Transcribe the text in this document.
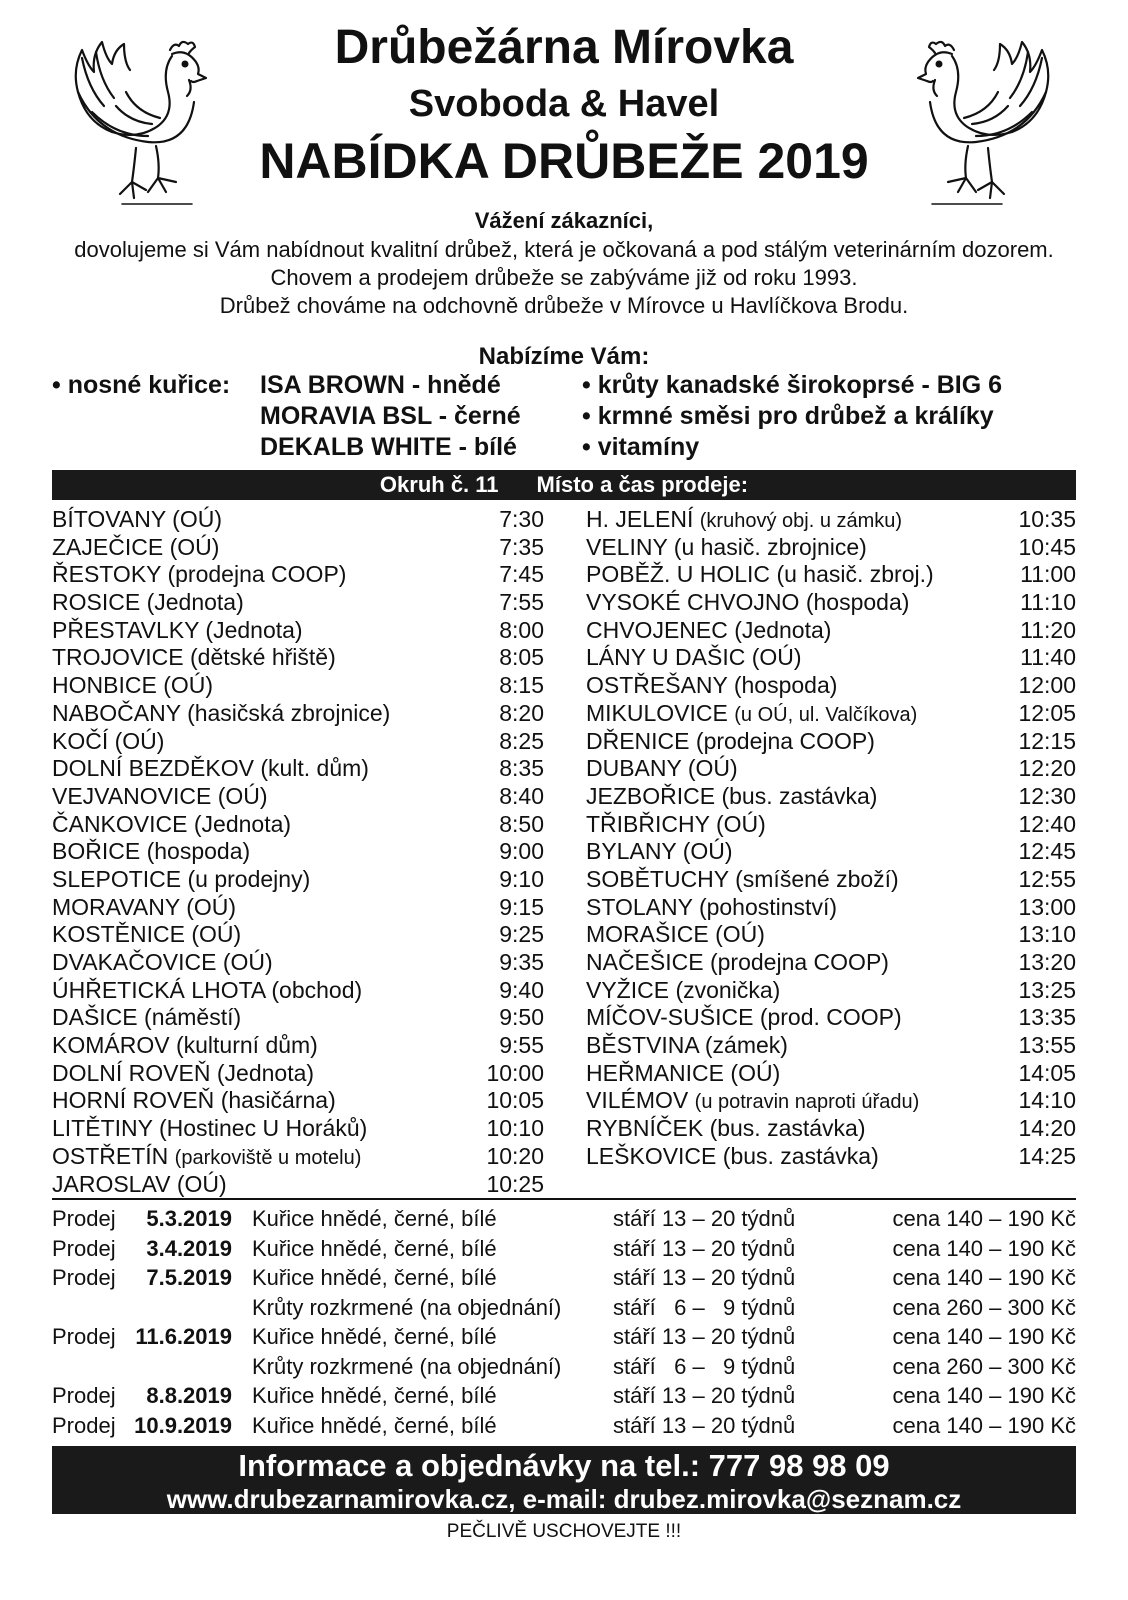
Drůbežárna Mírovka
Svoboda & Havel
NABÍDKA DRŮBEŽE 2019
Vážení zákazníci,
dovolujeme si Vám nabídnout kvalitní drůbež, která je očkovaná a pod stálým veterinárním dozorem.
Chovem a prodejem drůbeže se zabýváme již od roku 1993.
Drůbež chováme na odchovně drůbeže v Mírovce u Havlíčkova Brodu.
Nabízíme Vám:
• nosné kuřice:	ISA BROWN - hnědé
MORAVIA BSL - černé
DEKALB WHITE - bílé
• krůty kanadské širokoprsé - BIG 6
• krmné směsi pro drůbež a králíky
• vitamíny
Okruh č. 11 Místo a čas prodeje:
BÍTOVANY (OÚ)	7:30
ZAJEČICE (OÚ)	7:35
ŘESTOKY (prodejna COOP)	7:45
ROSICE (Jednota)	7:55
PŘESTAVLKY (Jednota)	8:00
TROJOVICE (dětské hřiště)	8:05
HONBICE (OÚ)	8:15
NABOČANY (hasičská zbrojnice)	8:20
KOČÍ (OÚ)	8:25
DOLNÍ BEZDĚKOV (kult. dům)	8:35
VEJVANOVICE (OÚ)	8:40
ČANKOVICE (Jednota)	8:50
BOŘICE (hospoda)	9:00
SLEPOTICE (u prodejny)	9:10
MORAVANY (OÚ)	9:15
KOSTĚNICE (OÚ)	9:25
DVAKAČOVICE (OÚ)	9:35
ÚHŘETICKÁ LHOTA (obchod)	9:40
DAŠICE (náměstí)	9:50
KOMÁROV (kulturní dům)	9:55
DOLNÍ ROVEŇ (Jednota)	10:00
HORNÍ ROVEŇ (hasičárna)	10:05
LITĚTINY (Hostinec U Horáků)	10:10
OSTŘETÍN (parkoviště u motelu)	10:20
JAROSLAV (OÚ)	10:25
H. JELENÍ (kruhový obj. u zámku)	10:35
VELINY (u hasič. zbrojnice)	10:45
POBĚŽ. U HOLIC (u hasič. zbroj.)	11:00
VYSOKÉ CHVOJNO (hospoda)	11:10
CHVOJENEC (Jednota)	11:20
LÁNY U DAŠIC (OÚ)	11:40
OSTŘEŠANY (hospoda)	12:00
MIKULOVICE (u OÚ, ul. Valčíkova)	12:05
DŘENICE (prodejna COOP)	12:15
DUBANY (OÚ)	12:20
JEZBOŘICE (bus. zastávka)	12:30
TŘIBŘICHY (OÚ)	12:40
BYLANY (OÚ)	12:45
SOBĚTUCHY (smíšené zboží)	12:55
STOLANY (pohostinství)	13:00
MORAŠICE (OÚ)	13:10
NAČEŠICE (prodejna COOP)	13:20
VYŽICE (zvonička)	13:25
MÍČOV-SUŠICE (prod. COOP)	13:35
BĚSTVINA (zámek)	13:55
HEŘMANICE (OÚ)	14:05
VILÉMOV (u potravin naproti úřadu)	14:10
RYBNÍČEK (bus. zastávka)	14:20
LEŠKOVICE (bus. zastávka)	14:25
Prodej	5.3.2019 Kuřice hnědé, černé, bílé	stáří 13 – 20 týdnů	cena 140 – 190 Kč
Prodej	3.4.2019 Kuřice hnědé, černé, bílé	stáří 13 – 20 týdnů	cena 140 – 190 Kč
Prodej	7.5.2019 Kuřice hnědé, černé, bílé	stáří 13 – 20 týdnů	cena 140 – 190 Kč
Krůty rozkrmené (na objednání) stáří   6 –   9 týdnů	cena 260 – 300 Kč
Prodej 11.6.2019 Kuřice hnědé, černé, bílé	stáří 13 – 20 týdnů	cena 140 – 190 Kč
Krůty rozkrmené (na objednání) stáří   6 –   9 týdnů	cena 260 – 300 Kč
Prodej	8.8.2019 Kuřice hnědé, černé, bílé	stáří 13 – 20 týdnů	cena 140 – 190 Kč
Prodej 10.9.2019 Kuřice hnědé, černé, bílé	stáří 13 – 20 týdnů	cena 140 – 190 Kč
Informace a objednávky na tel.: 777 98 98 09
www.drubezarnamirovka.cz, e-mail: drubez.mirovka@seznam.cz
PEČLIVĚ USCHOVEJTE !!!
